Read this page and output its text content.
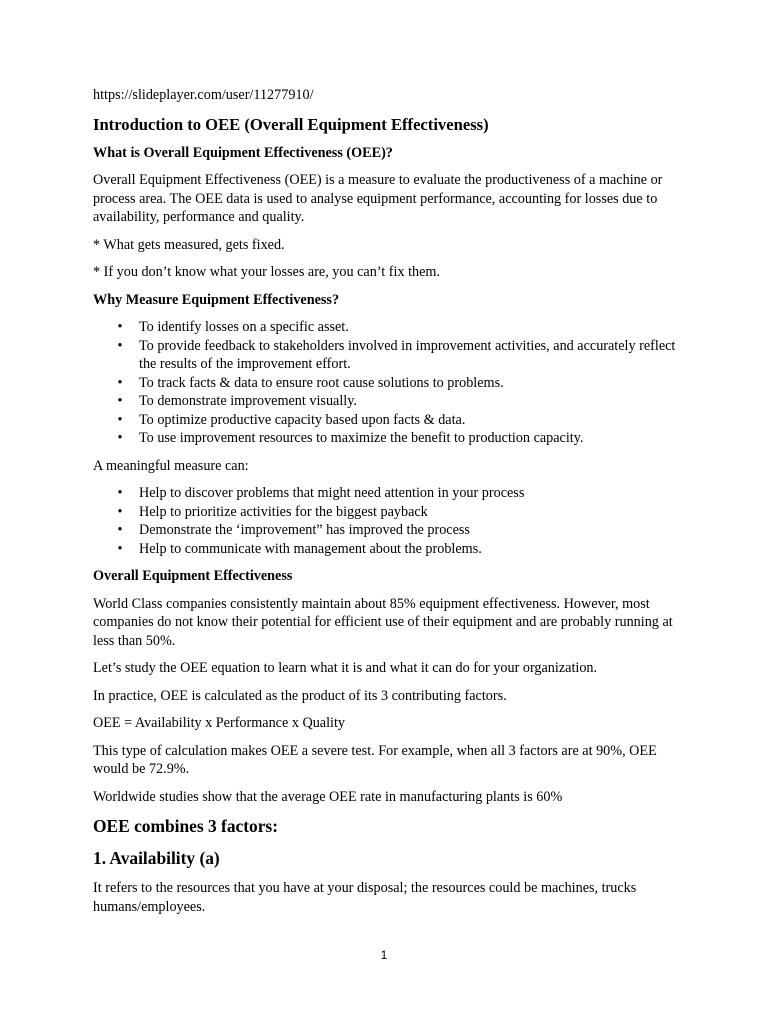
https://slideplayer.com/user/11277910/
Introduction to OEE (Overall Equipment Effectiveness)
What is Overall Equipment Effectiveness (OEE)?

Overall Equipment Effectiveness (OEE) is a measure to evaluate the productiveness of a machine or process area. The OEE data is used to analyse equipment performance, accounting for losses due to availability, performance and quality.

* What gets measured, gets fixed.

* If you don’t know what your losses are, you can’t fix them.

Why Measure Equipment Effectiveness?
• To identify losses on a specific asset.
• To provide feedback to stakeholders involved in improvement activities, and accurately reflect the results of the improvement effort.
• To track facts & data to ensure root cause solutions to problems.
• To demonstrate improvement visually.
• To optimize productive capacity based upon facts & data.
• To use improvement resources to maximize the benefit to production capacity.

A meaningful measure can:

• Help to discover problems that might need attention in your process
• Help to prioritize activities for the biggest payback
• Demonstrate the ‘improvement” has improved the process
• Help to communicate with management about the problems.
Overall Equipment Effectiveness

World Class companies consistently maintain about 85% equipment effectiveness. However, most companies do not know their potential for efficient use of their equipment and are probably running at less than 50%.

Let’s study the OEE equation to learn what it is and what it can do for your organization.

In practice, OEE is calculated as the product of its 3 contributing factors.

OEE = Availability x Performance x Quality

This type of calculation makes OEE a severe test. For example, when all 3 factors are at 90%, OEE would be 72.9%.

Worldwide studies show that the average OEE rate in manufacturing plants is 60%

OEE combines 3 factors:
1. Availability (a)

It refers to the resources that you have at your disposal; the resources could be machines, trucks humans/employees.

1
